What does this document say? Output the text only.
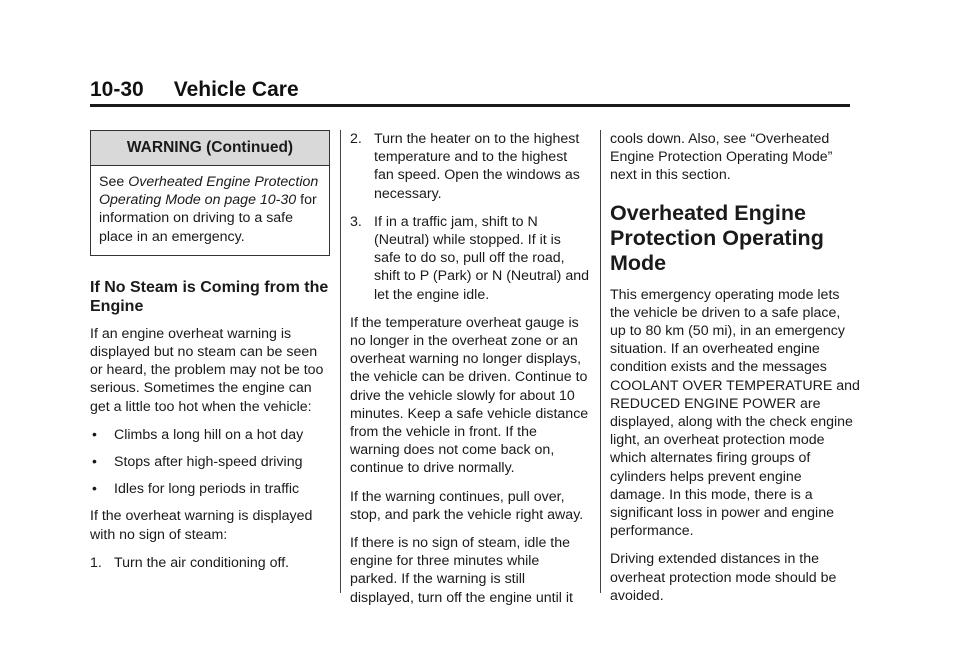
10-30 Vehicle Care
WARNING (Continued)
See Overheated Engine Protection Operating Mode on page 10-30 for information on driving to a safe place in an emergency.
If No Steam is Coming from the Engine

If an engine overheat warning is displayed but no steam can be seen or heard, the problem may not be too serious. Sometimes the engine can get a little too hot when the vehicle:

• Climbs a long hill on a hot day
• Stops after high-speed driving
• Idles for long periods in traffic

If the overheat warning is displayed with no sign of steam:

1. Turn the air conditioning off.
2. Turn the heater on to the highest temperature and to the highest fan speed. Open the windows as necessary.
3. If in a traffic jam, shift to N (Neutral) while stopped. If it is safe to do so, pull off the road, shift to P (Park) or N (Neutral) and let the engine idle.

If the temperature overheat gauge is no longer in the overheat zone or an overheat warning no longer displays, the vehicle can be driven. Continue to drive the vehicle slowly for about 10 minutes. Keep a safe vehicle distance from the vehicle in front. If the warning does not come back on, continue to drive normally.

If the warning continues, pull over, stop, and park the vehicle right away.

If there is no sign of steam, idle the engine for three minutes while parked. If the warning is still displayed, turn off the engine until it

cools down. Also, see “Overheated Engine Protection Operating Mode” next in this section.

Overheated Engine Protection Operating Mode

This emergency operating mode lets the vehicle be driven to a safe place, up to 80 km (50 mi), in an emergency situation. If an overheated engine condition exists and the messages COOLANT OVER TEMPERATURE and REDUCED ENGINE POWER are displayed, along with the check engine light, an overheat protection mode which alternates firing groups of cylinders helps prevent engine damage. In this mode, there is a significant loss in power and engine performance.

Driving extended distances in the overheat protection mode should be avoided.
